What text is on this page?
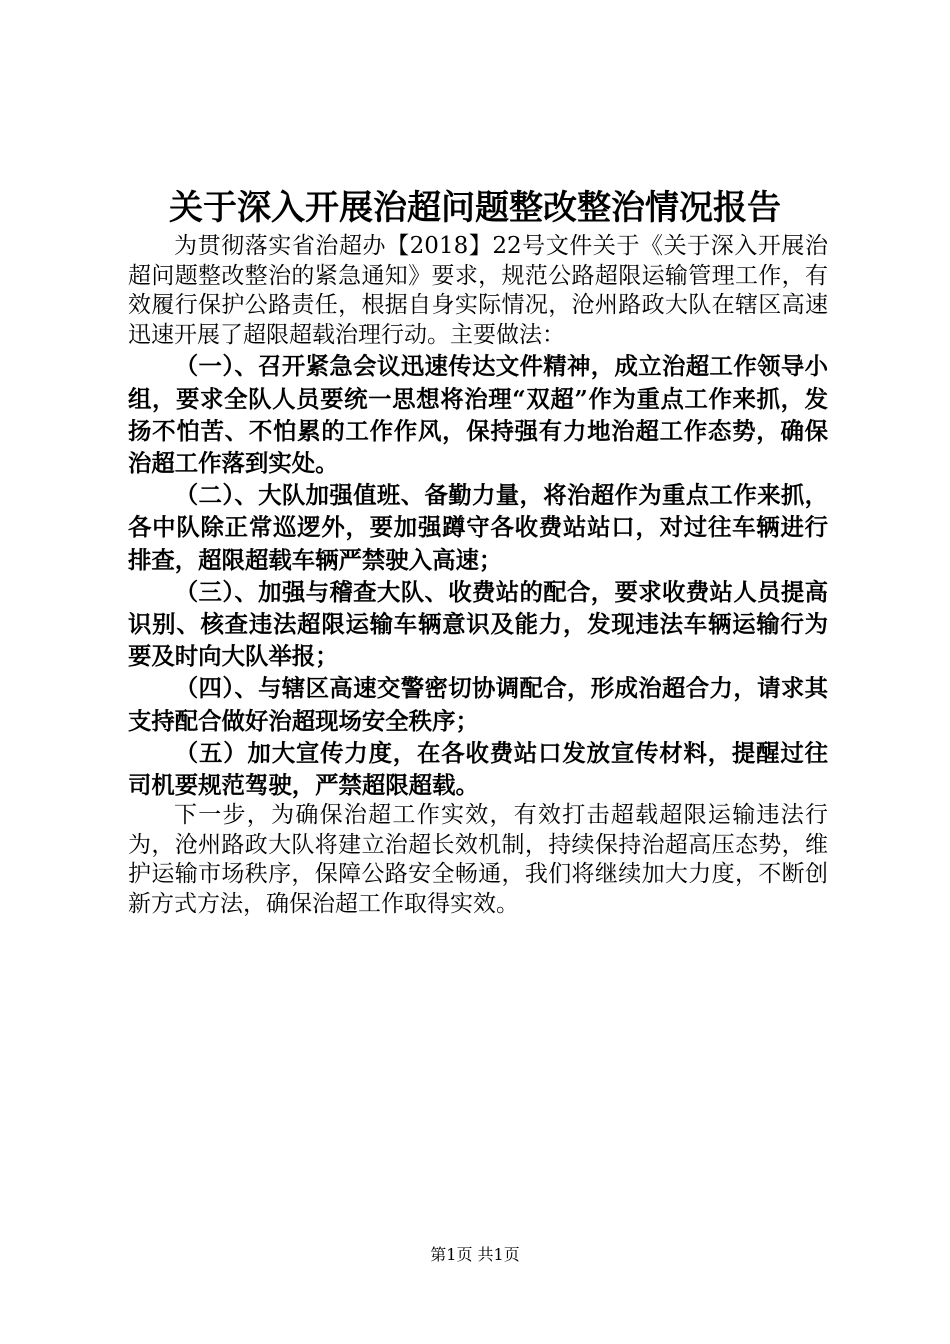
关于深入开展治超问题整改整治情况报告

为贯彻落实省治超办【2018】22号文件关于《关于深入开展治超问题整改整治的紧急通知》要求，规范公路超限运输管理工作，有效履行保护公路责任，根据自身实际情况，沧州路政大队在辖区高速迅速开展了超限超载治理行动。主要做法：

（一）、召开紧急会议迅速传达文件精神，成立治超工作领导小组，要求全队人员要统一思想将治理“双超”作为重点工作来抓，发扬不怕苦、不怕累的工作作风，保持强有力地治超工作态势，确保治超工作落到实处。

（二）、大队加强值班、备勤力量，将治超作为重点工作来抓，各中队除正常巡逻外，要加强蹲守各收费站站口，对过往车辆进行排查，超限超载车辆严禁驶入高速；

（三）、加强与稽查大队、收费站的配合，要求收费站人员提高识别、核查违法超限运输车辆意识及能力，发现违法车辆运输行为要及时向大队举报；

（四）、与辖区高速交警密切协调配合，形成治超合力，请求其支持配合做好治超现场安全秩序；

（五）加大宣传力度，在各收费站口发放宣传材料，提醒过往司机要规范驾驶，严禁超限超载。

下一步，为确保治超工作实效，有效打击超载超限运输违法行为，沧州路政大队将建立治超长效机制，持续保持治超高压态势，维护运输市场秩序，保障公路安全畅通，我们将继续加大力度，不断创新方式方法，确保治超工作取得实效。

第1页 共1页
